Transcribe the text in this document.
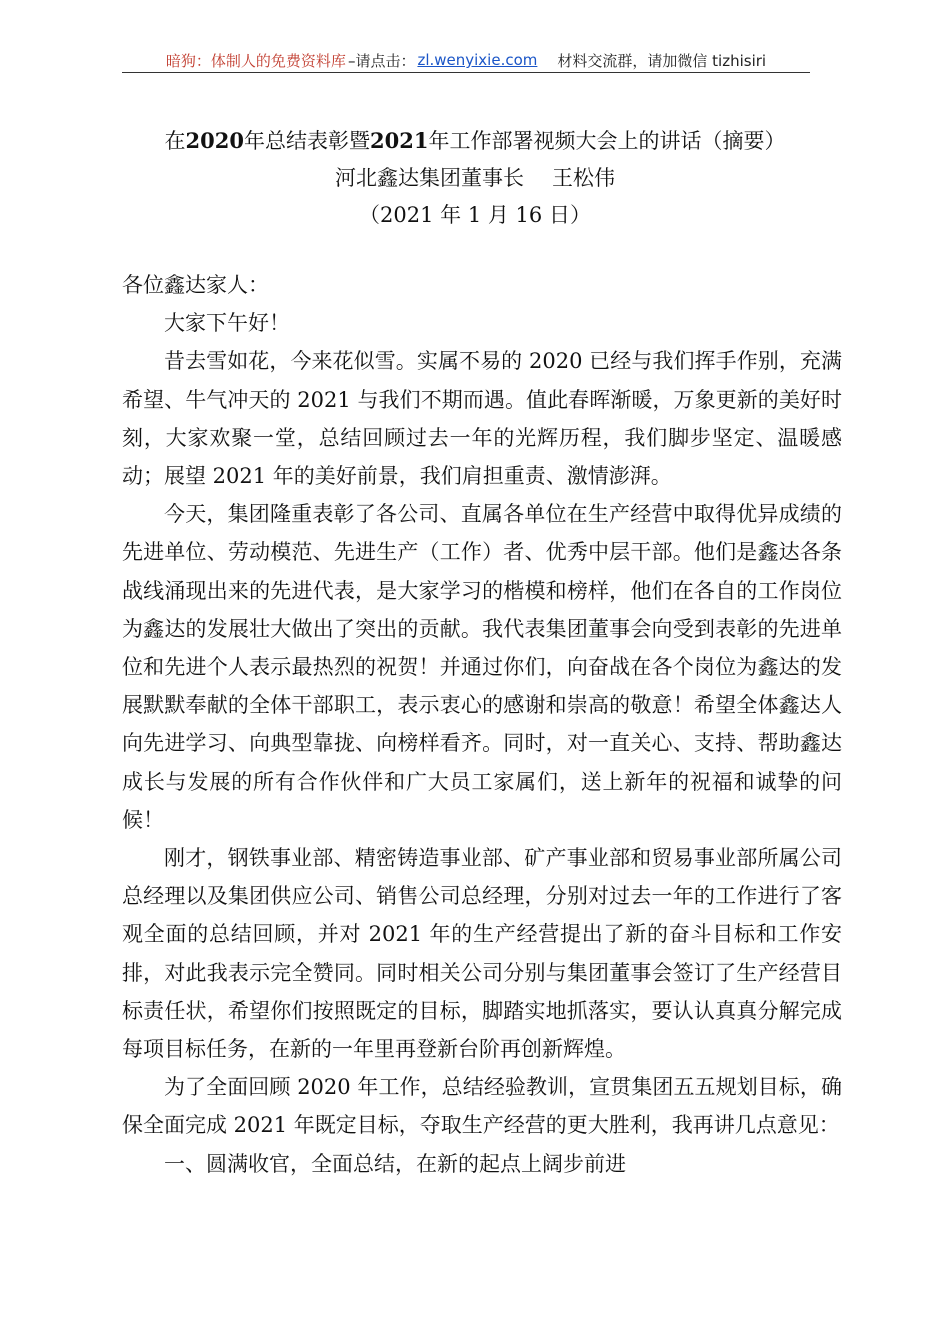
暗狗：体制人的免费资料库 –请点击： zl.wenyixie.com 材料交流群，请加微信 tizhisiri
在2020年总结表彰暨2021年工作部署视频大会上的讲话（摘要）
河北鑫达集团董事长 王松伟
（2021 年 1 月 16 日）

各位鑫达家人：

大家下午好！

昔去雪如花，今来花似雪。实属不易的 2020 已经与我们挥手作别，充满希望、牛气冲天的 2021 与我们不期而遇。值此春晖渐暖，万象更新的美好时刻，大家欢聚一堂，总结回顾过去一年的光辉历程，我们脚步坚定、温暖感动；展望 2021 年的美好前景，我们肩担重责、激情澎湃。

今天，集团隆重表彰了各公司、直属各单位在生产经营中取得优异成绩的先进单位、劳动模范、先进生产（工作）者、优秀中层干部。他们是鑫达各条战线涌现出来的先进代表，是大家学习的楷模和榜样，他们在各自的工作岗位为鑫达的发展壮大做出了突出的贡献。我代表集团董事会向受到表彰的先进单位和先进个人表示最热烈的祝贺！并通过你们，向奋战在各个岗位为鑫达的发展默默奉献的全体干部职工，表示衷心的感谢和崇高的敬意！希望全体鑫达人向先进学习、向典型靠拢、向榜样看齐。同时，对一直关心、支持、帮助鑫达成长与发展的所有合作伙伴和广大员工家属们，送上新年的祝福和诚挚的问候！

刚才，钢铁事业部、精密铸造事业部、矿产事业部和贸易事业部所属公司总经理以及集团供应公司、销售公司总经理，分别对过去一年的工作进行了客观全面的总结回顾，并对 2021 年的生产经营提出了新的奋斗目标和工作安排，对此我表示完全赞同。同时相关公司分别与集团董事会签订了生产经营目标责任状，希望你们按照既定的目标，脚踏实地抓落实，要认认真真分解完成每项目标任务，在新的一年里再登新台阶再创新辉煌。

为了全面回顾 2020 年工作，总结经验教训，宣贯集团五五规划目标，确保全面完成 2021 年既定目标，夺取生产经营的更大胜利，我再讲几点意见：

一、圆满收官，全面总结，在新的起点上阔步前进
